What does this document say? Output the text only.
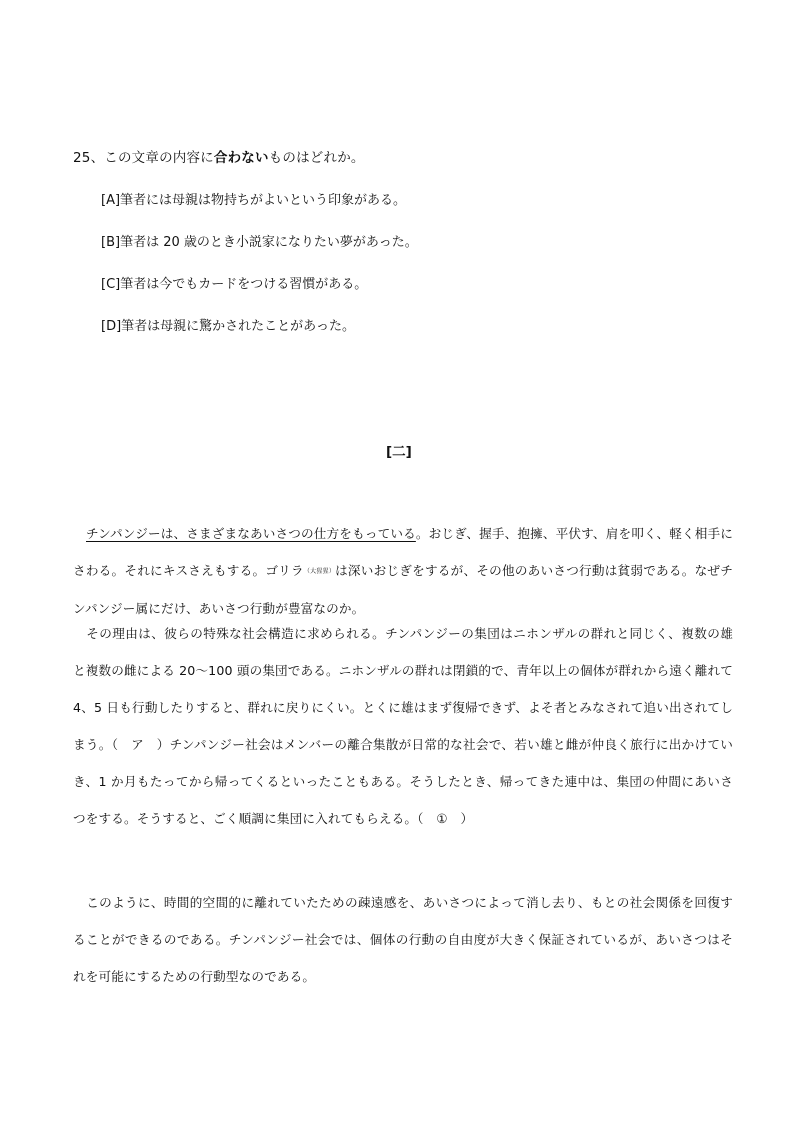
25、この文章の内容に合わないものはどれか。
[A]筆者には母親は物持ちがよいという印象がある。
[B]筆者は 20 歳のとき小説家になりたい夢があった。
[C]筆者は今でもカードをつける習慣がある。
[D]筆者は母親に驚かされたことがあった。
[二]
チンパンジーは、さまざまなあいさつの仕方をもっている。おじぎ、握手、抱擁、平伏す、肩を叩く、軽く相手にさわる。それにキスさえもする。ゴリラ（大猩猩）は深いおじぎをするが、その他のあいさつ行動は貧弱である。なぜチンパンジー属にだけ、あいさつ行動が豊富なのか。
その理由は、彼らの特殊な社会構造に求められる。チンパンジーの集団はニホンザルの群れと同じく、複数の雄と複数の雌による 20～100 頭の集団である。ニホンザルの群れは閉鎖的で、青年以上の個体が群れから遠く離れて 4、5 日も行動したりすると、群れに戻りにくい。とくに雄はまず復帰できず、よそ者とみなされて追い出されてしまう。（　ア　）チンパンジー社会はメンバーの離合集散が日常的な社会で、若い雄と雌が仲良く旅行に出かけていき、1 か月もたってから帰ってくるといったこともある。そうしたとき、帰ってきた連中は、集団の仲間にあいさつをする。そうすると、ごく順調に集団に入れてもらえる。（　①　）
このように、時間的空間的に離れていたための疎遠感を、あいさつによって消し去り、もとの社会関係を回復することができるのである。チンパンジー社会では、個体の行動の自由度が大きく保証されているが、あいさつはそれを可能にするための行動型なのである。
